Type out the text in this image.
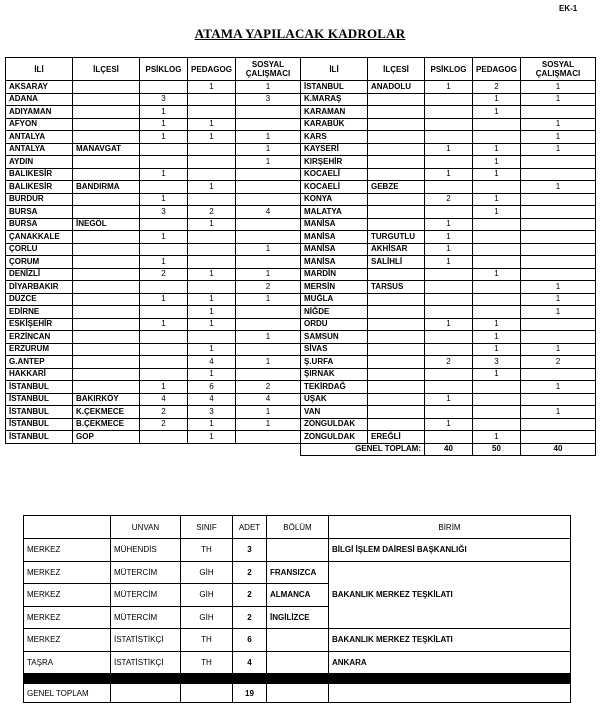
EK-1
ATAMA YAPILACAK KADROLAR
İLİ	İLÇESİ	PSİKLOG	PEDAGOG	SOSYAL ÇALIŞMACI	İLİ	İLÇESİ	PSİKLOG	PEDAGOG	SOSYAL ÇALIŞMACI
AKSARAY			1	1	İSTANBUL	ANADOLU	1	2	1
ADANA		3		3	K.MARAŞ			1	1
ADIYAMAN		1			KARAMAN			1	
AFYON		1	1		KARABÜK				1
ANTALYA		1	1	1	KARS				1
ANTALYA	MANAVGAT			1	KAYSERİ		1	1	1
AYDIN				1	KIRŞEHİR			1	
BALIKESİR		1			KOCAELİ		1	1	
BALIKESİR	BANDIRMA		1		KOCAELİ	GEBZE			1
BURDUR		1			KONYA		2	1	
BURSA		3	2	4	MALATYA			1	
BURSA	İNEGÖL		1		MANİSA		1		
ÇANAKKALE		1			MANİSA	TURGUTLU	1		
ÇORLU				1	MANİSA	AKHİSAR	1		
ÇORUM		1			MANİSA	SALİHLİ	1		
DENİZLİ		2	1	1	MARDİN			1	
DİYARBAKIR				2	MERSİN	TARSUS			1
DÜZCE		1	1	1	MUĞLA				1
EDİRNE			1		NİĞDE				1
ESKİŞEHİR		1	1		ORDU		1	1	
ERZİNCAN				1	SAMSUN			1	
ERZURUM			1		SİVAS			1	1
G.ANTEP			4	1	Ş.URFA		2	3	2
HAKKARİ			1		ŞIRNAK			1	
İSTANBUL		1	6	2	TEKİRDAĞ				1
İSTANBUL	BAKIRKÖY	4	4	4	UŞAK		1		
İSTANBUL	K.ÇEKMECE	2	3	1	VAN				1
İSTANBUL	B.ÇEKMECE	2	1	1	ZONGULDAK		1		
İSTANBUL	GOP		1		ZONGULDAK	EREĞLİ		1	
					GENEL TOPLAM:		40	50	40
	UNVAN	SINIF	ADET	BÖLÜM	BİRİM
MERKEZ	MÜHENDİS	TH	3		BİLGİ İŞLEM DAİRESİ BAŞKANLIĞI
MERKEZ	MÜTERCİM	GİH	2	FRANSIZCA	BAKANLIK MERKEZ TEŞKİLATI
MERKEZ	MÜTERCİM	GİH	2	ALMANCA	
MERKEZ	MÜTERCİM	GİH	2	İNGİLİZCE	
MERKEZ	İSTATİSTİKÇİ	TH	6		BAKANLIK MERKEZ TEŞKİLATI
TAŞRA	İSTATİSTİKÇİ	TH	4		ANKARA

GENEL TOPLAM			19		
